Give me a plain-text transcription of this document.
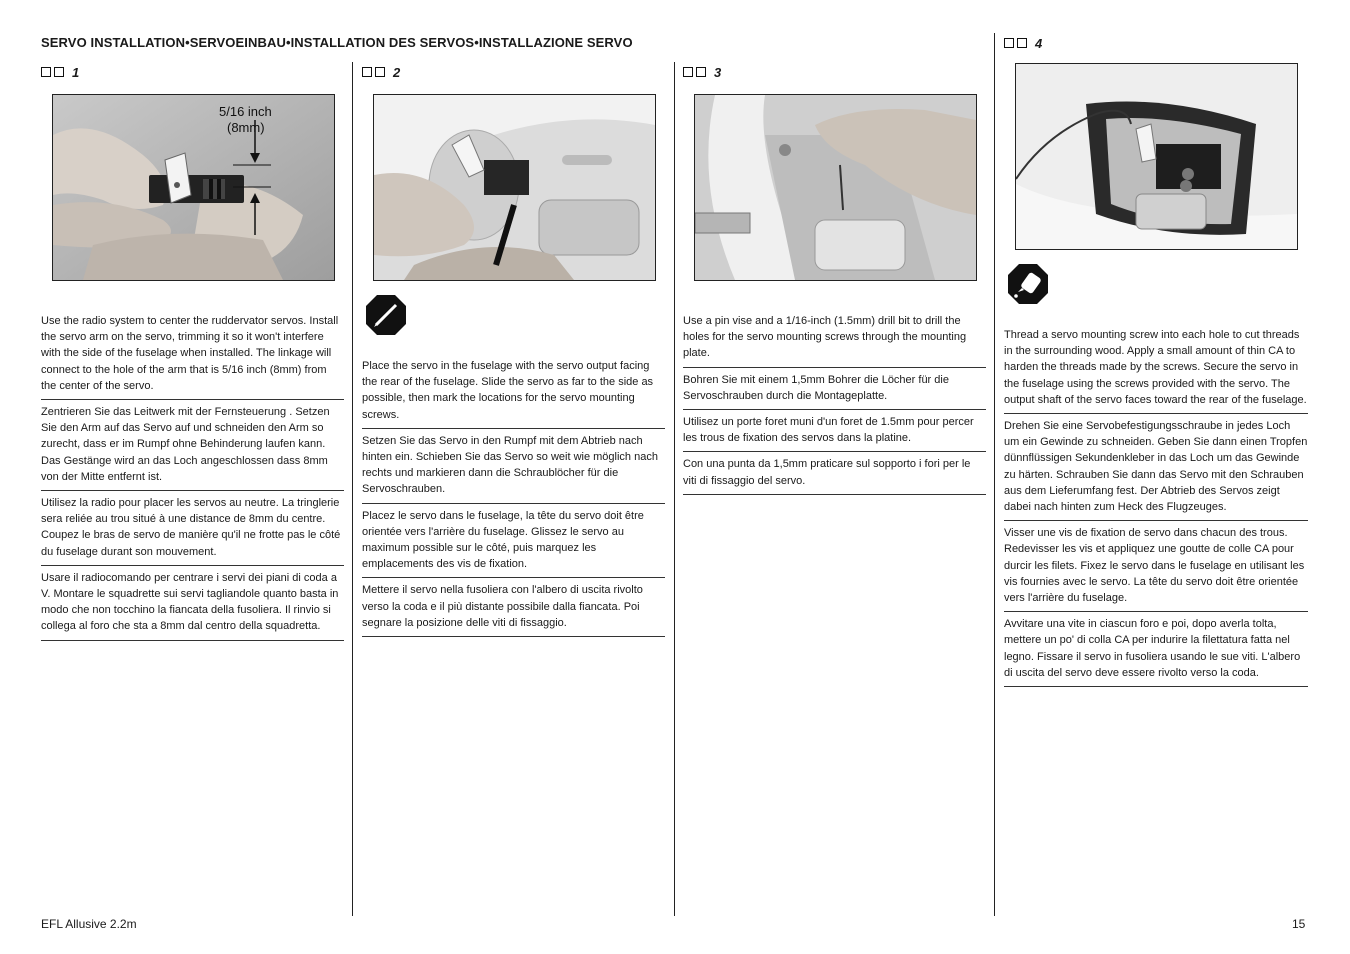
SERVO INSTALLATION•SERVOEINBAU•INSTALLATION DES SERVOS•INSTALLAZIONE SERVO
1
5/16 inch
(8mm)
Use the radio system to center the ruddervator servos. Install the servo arm on the servo, trimming it so it won't interfere with the side of the fuselage when installed. The linkage will connect to the hole of the arm that is 5/16 inch (8mm) from the center of the servo.
Zentrieren Sie das Leitwerk mit der Fernsteuerung . Setzen Sie den Arm auf das Servo auf und schneiden den Arm so zurecht, dass er im Rumpf ohne Behinderung laufen kann. Das Gestänge wird an das Loch angeschlossen dass 8mm von der Mitte entfernt ist.
Utilisez la radio pour placer les servos au neutre. La tringlerie sera reliée au trou situé à une distance de 8mm du centre. Coupez le bras de servo de manière qu'il ne frotte pas le côté du fuselage durant son mouvement.
Usare il radiocomando per centrare i servi dei piani di coda a V. Montare le squadrette sui servi tagliandole quanto basta in modo che non tocchino la fiancata della fusoliera. Il rinvio si collega al foro che sta a 8mm dal centro della squadretta.
2
Place the servo in the fuselage with the servo output facing the rear of the fuselage. Slide the servo as far to the side as possible, then mark the locations for the servo mounting screws.
Setzen Sie das Servo in den Rumpf mit dem Abtrieb nach hinten ein. Schieben Sie das Servo so weit wie möglich nach rechts und markieren dann die Schraublöcher für die Servoschrauben.
Placez le servo dans le fuselage, la tête du servo doit être orientée vers l'arrière du fuselage. Glissez le servo au maximum possible sur le côté, puis marquez les emplacements des vis de fixation.
Mettere il servo nella fusoliera con l'albero di uscita rivolto verso la coda e il più distante possibile dalla fiancata. Poi segnare la posizione delle viti di fissaggio.
3
Use a pin vise and a 1/16-inch (1.5mm) drill bit to drill the holes for the servo mounting screws through the mounting plate.
Bohren Sie mit einem 1,5mm Bohrer die Löcher für die Servoschrauben durch die Montageplatte.
Utilisez un porte foret muni d'un foret de 1.5mm pour percer les trous de fixation des servos dans la platine.
Con una punta da 1,5mm praticare sul sopporto i fori per le viti di fissaggio del servo.
4
Thread a servo mounting screw into each hole to cut threads in the surrounding wood. Apply a small amount of thin CA to harden the threads made by the screws. Secure the servo in the fuselage using the screws provided with the servo. The output shaft of the servo faces toward the rear of the fuselage.
Drehen Sie eine Servobefestigungsschraube in jedes Loch um ein Gewinde zu schneiden. Geben Sie dann einen Tropfen dünnflüssigen Sekundenkleber in das Loch um das Gewinde zu härten. Schrauben Sie dann das Servo mit den Schrauben aus dem Lieferumfang fest. Der Abtrieb des Servos zeigt dabei nach hinten zum Heck des Flugzeuges.
Visser une vis de fixation de servo dans chacun des trous. Redevisser les vis et appliquez une goutte de colle CA pour durcir les filets. Fixez le servo dans le fuselage en utilisant les vis fournies avec le servo. La tête du servo doit être orientée vers l'arrière du fuselage.
Avvitare una vite in ciascun foro e poi, dopo averla tolta, mettere un po' di colla CA per indurire la filettatura fatta nel legno. Fissare il servo in fusoliera usando le sue viti. L'albero di uscita del servo deve essere rivolto verso la coda.
EFL Allusive 2.2m	15
